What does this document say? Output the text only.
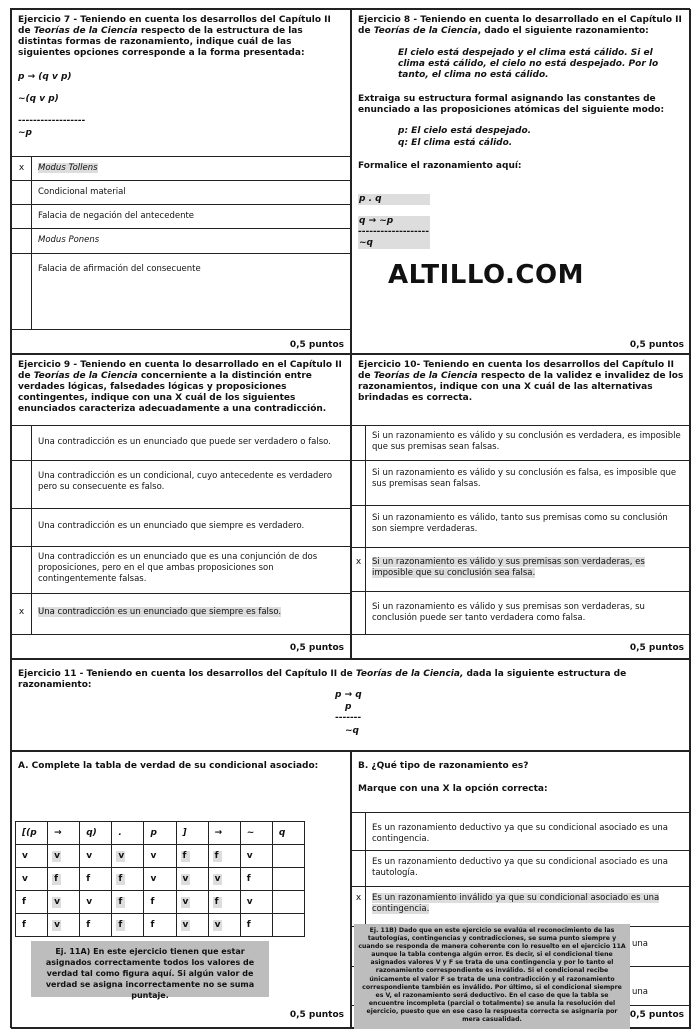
Ejercicio 7 - Teniendo en cuenta los desarrollos del Capítulo II de Teorías de la Ciencia respecto de la estructura de las distintas formas de razonamiento, indique cuál de las siguientes opciones corresponde a la forma presentada:
p → (q v p)
~(q v p)
------------------
~p
x	Modus Tollens
Condicional material
Falacia de negación del antecedente
Modus Ponens
Falacia de afirmación del consecuente
0,5 puntos
Ejercicio 8 - Teniendo en cuenta lo desarrollado en el Capítulo II de Teorías de la Ciencia, dado el siguiente razonamiento:
El cielo está despejado y el clima está cálido. Si el clima está cálido, el cielo no está despejado. Por lo tanto, el clima no está cálido.
Extraiga su estructura formal asignando las constantes de enunciado a las proposiciones atómicas del siguiente modo:
p: El cielo está despejado.
q: El clima está cálido.
Formalice el razonamiento aquí:
p . q
q → ~p
-------------------
~q
ALTILLO.COM
0,5 puntos
Ejercicio 9 - Teniendo en cuenta lo desarrollado en el Capítulo II de Teorías de la Ciencia concerniente a la distinción entre verdades lógicas, falsedades lógicas y proposiciones contingentes, indique con una X cuál de los siguientes enunciados caracteriza adecuadamente a una contradicción.
Una contradicción es un enunciado que puede ser verdadero o falso.
Una contradicción es un condicional, cuyo antecedente es verdadero pero su consecuente es falso.
Una contradicción es un enunciado que siempre es verdadero.
Una contradicción es un enunciado que es una conjunción de dos proposiciones, pero en el que ambas proposiciones son contingentemente falsas.
x	Una contradicción es un enunciado que siempre es falso.
0,5 puntos
Ejercicio 10- Teniendo en cuenta los desarrollos del Capítulo II de Teorías de la Ciencia respecto de la validez e invalidez de los razonamientos, indique con una X cuál de las alternativas brindadas es correcta.
Si un razonamiento es válido y su conclusión es verdadera, es imposible que sus premisas sean falsas.
Si un razonamiento es válido y su conclusión es falsa, es imposible que sus premisas sean falsas.
Si un razonamiento es válido, tanto sus premisas como su conclusión son siempre verdaderas.
x	Si un razonamiento es válido y sus premisas son verdaderas, es imposible que su conclusión sea falsa.
Si un razonamiento es válido y sus premisas son verdaderas, su conclusión puede ser tanto verdadera como falsa.
0,5 puntos
Ejercicio 11 - Teniendo en cuenta los desarrollos del Capítulo II de Teorías de la Ciencia, dada la siguiente estructura de razonamiento:
p → q
p
-------
~q
A. Complete la tabla de verdad de su condicional asociado:
0,5 puntos
[(p	→	q)	.	p	]	→	~	q
v	v	v	v	v	f	f	v	
v	f	f	f	v	v	v	f	
f	v	v	f	f	v	f	v	
f	v	f	f	f	v	v	f	
Ej. 11A) En este ejercicio tienen que estar asignados correctamente todos los valores de verdad tal como figura aquí. Si algún valor de verdad se asigna incorrectamente no se suma puntaje.
B. ¿Qué tipo de razonamiento es?
Marque con una X la opción correcta:
Es un razonamiento deductivo ya que su condicional asociado es una contingencia.
Es un razonamiento deductivo ya que su condicional asociado es una tautología.
x	Es un razonamiento inválido ya que su condicional asociado es una contingencia.
una
una
0,5 puntos
Ej. 11B) Dado que en este ejercicio se evalúa el reconocimiento de las tautologías, contingencias y contradicciones, se suma punto siempre y cuando se responda de manera coherente con lo resuelto en el ejercicio 11A aunque la tabla contenga algún error. Es decir, si el condicional tiene asignados valores V y F se trata de una contingencia y por lo tanto el razonamiento correspondiente es inválido. Si el condicional recibe únicamente el valor F se trata de una contradicción y el razonamiento correspondiente también es inválido. Por último, si el condicional siempre es V, el razonamiento será deductivo. En el caso de que la tabla se encuentre incompleta (parcial o totalmente) se anula la resolución del ejercicio, puesto que en ese caso la respuesta correcta se asignaría por mera casualidad.
